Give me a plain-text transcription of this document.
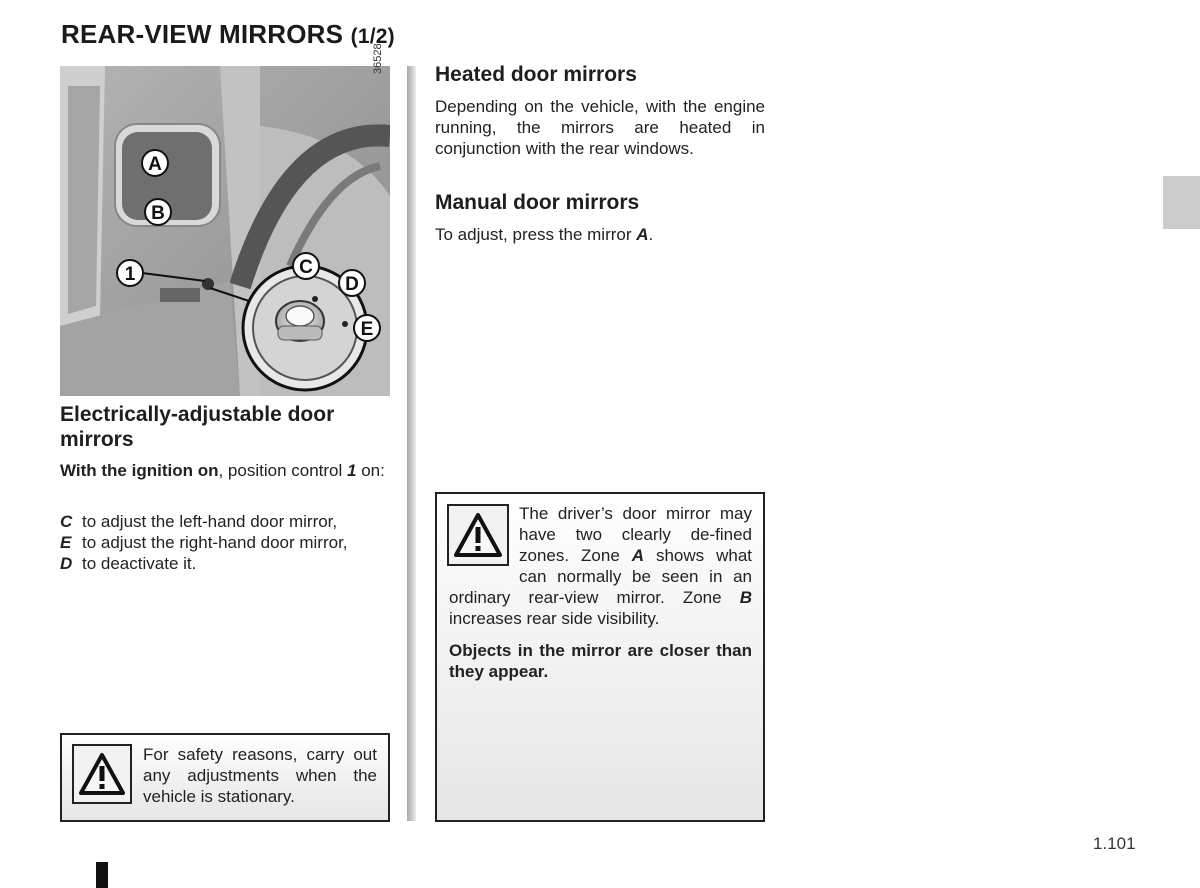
REAR-VIEW MIRRORS (1/2)
A
B
1	C
D
E
36528
Electrically-adjustable door mirrors
With the ignition on, position control 1 on:
C to adjust the left-hand door mirror,
E to adjust the right-hand door mirror,
D to deactivate it.
For safety reasons, carry out any adjustments when the vehicle is stationary.
Heated door mirrors
Depending on the vehicle, with the engine running, the mirrors are heated in conjunction with the rear windows.
Manual door mirrors
To adjust, press the mirror A.
The driver’s door mirror may have two clearly de-fined zones. Zone A shows what can normally be seen in an ordinary rear-view mirror. Zone B increases rear side visibility.
Objects in the mirror are closer than they appear.
1.101
